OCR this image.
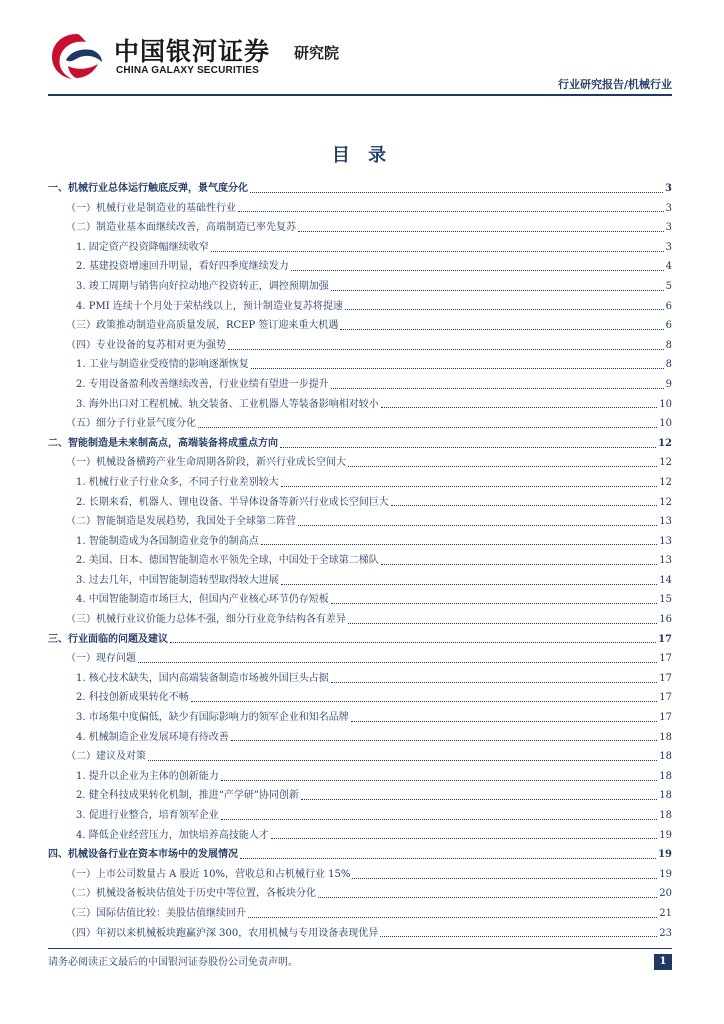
中国银河证券
CHINA GALAXY SECURITIES
研究院
行业研究报告/机械行业
目 录
一、机械行业总体运行触底反弹，景气度分化	3
（一）机械行业是制造业的基础性行业	3
（二）制造业基本面继续改善，高端制造已率先复苏	3
1. 固定资产投资降幅继续收窄	3
2. 基建投资增速回升明显，看好四季度继续发力	4
3. 竣工周期与销售向好拉动地产投资转正，调控预期加强	5
4. PMI 连续十个月处于荣枯线以上，预计制造业复苏将提速	6
（三）政策推动制造业高质量发展，RCEP 签订迎来重大机遇	6
（四）专业设备的复苏相对更为强势	8
1. 工业与制造业受疫情的影响逐渐恢复	8
2. 专用设备盈利改善继续改善，行业业绩有望进一步提升	9
3. 海外出口对工程机械、轨交装备、工业机器人等装备影响相对较小	10
（五）细分子行业景气度分化	10
二、智能制造是未来制高点，高端装备将成重点方向	12
（一）机械设备横跨产业生命周期各阶段，新兴行业成长空间大	12
1. 机械行业子行业众多，不同子行业差别较大	12
2. 长期来看，机器人、锂电设备、半导体设备等新兴行业成长空间巨大	12
（二）智能制造是发展趋势，我国处于全球第二阵营	13
1. 智能制造成为各国制造业竞争的制高点	13
2. 美国、日本、德国智能制造水平领先全球，中国处于全球第二梯队	13
3. 过去几年，中国智能制造转型取得较大进展	14
4. 中国智能制造市场巨大，但国内产业核心环节仍存短板	15
（三）机械行业议价能力总体不强，细分行业竞争结构各有差异	16
三、行业面临的问题及建议	17
（一）现存问题	17
1. 核心技术缺失，国内高端装备制造市场被外国巨头占据	17
2. 科技创新成果转化不畅	17
3. 市场集中度偏低，缺少有国际影响力的领军企业和知名品牌	17
4. 机械制造企业发展环境有待改善	18
（二）建议及对策	18
1. 提升以企业为主体的创新能力	18
2. 健全科技成果转化机制，推进“产学研”协同创新	18
3. 促进行业整合，培育领军企业	18
4. 降低企业经营压力，加快培养高技能人才	19
四、机械设备行业在资本市场中的发展情况	19
（一）上市公司数量占 A 股近 10%，营收总和占机械行业 15%	19
（二）机械设备板块估值处于历史中等位置，各板块分化	20
（三）国际估值比较：美股估值继续回升	21
（四）年初以来机械板块跑赢沪深 300，农用机械与专用设备表现优异	23
请务必阅读正文最后的中国银河证券股份公司免责声明。	1
